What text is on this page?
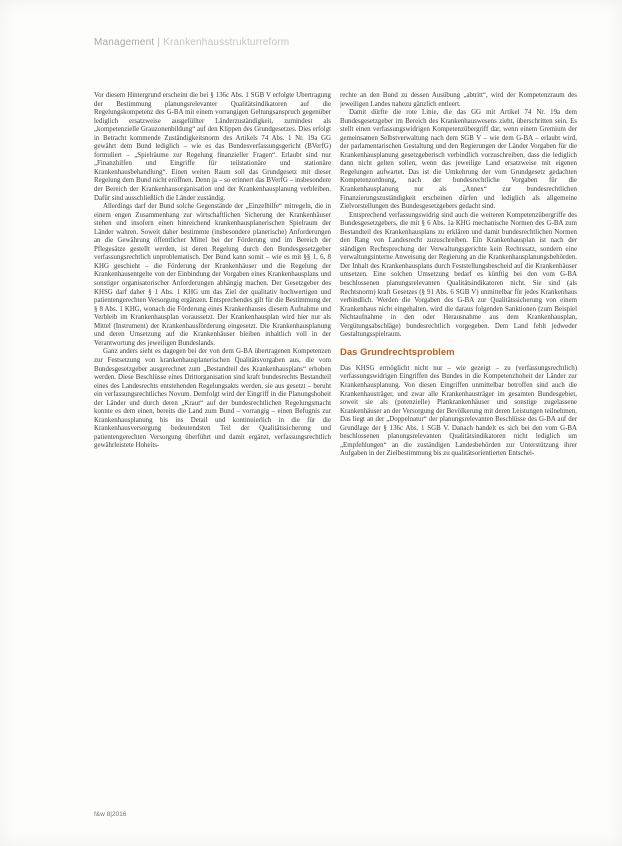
Management | Krankenhausstrukturreform

Vor diesem Hintergrund erscheint die bei § 136c Abs. 1 SGB V erfolgte Übertragung der Bestimmung planungsrelevanter Qualitätsindikatoren auf die Regelungskompetenz des G-BA mit einem vorrangigen Geltungsanspruch gegenüber lediglich ersatzweise ausgefüllter Länderzuständigkeit, zumindest als „kompetenzielle Grauzonenbildung“ auf den Klippen des Grundgesetzes. Dies erfolgt in Betracht kommende Zuständigkeitsnorm des Artikels 74 Abs. 1 Nr. 19a GG gewährt dem Bund lediglich – wie es das Bundesverfassungsgericht (BVerfG) formuliert – „Spielräume zur Regelung finanzieller Fragen“. Erlaubt sind nur „Finanzhilfen und Eingriffe für teilstationäre und stationäre Krankenhausbehandlung“. Einen weiten Raum soll das Grundgesetz mit dieser Regelung dem Bund nicht eröffnen. Denn ja – so erinnert das BVerfG – insbesondere der Bereich der Krankenhausorganisation und der Krankenhausplanung verbleiben. Dafür sind ausschließlich die Länder zuständig.

Allerdings darf der Bund solche Gegenstände der „Einzelhilfe“ mitregeln, die in einem engen Zusammenhang zur wirtschaftlichen Sicherung der Krankenhäuser stehen und insofern einen hinreichend krankenhausplanerischen Spielraum der Länder wahren. Soweit daher bestimmte (insbesondere planerische) Anforderungen an die Gewährung öffentlicher Mittel bei der Förderung und im Bereich der Pflegesätze gestellt werden, ist deren Regelung durch den Bundesgesetzgeber verfassungsrechtlich unproblematisch. Der Bund kann somit – wie es mit §§ 1, 6, 8 KHG geschieht – die Förderung der Krankenhäuser und die Regelung der Krankenhausentgelte von der Einbindung der Vorgaben eines Krankenhausplans und sonstiger organisatorischer Anforderungen abhängig machen. Der Gesetzgeber des KHSG darf daher § 1 Abs. 1 KHG um das Ziel der qualitativ hochwertigen und patientengerechten Versorgung ergänzen. Entsprechendes gilt für die Bestimmung der § 8 Abs. 1 KHG, wonach die Förderung eines Krankenhauses diesem Aufnahme und Verbleib im Krankenhausplan voraussetzt. Der Krankenhausplan wird hier nur als Mittel (Instrument) der Krankenhausförderung eingesetzt. Die Krankenhausplanung und deren Umsetzung auf die Krankenhäuser bleiben inhaltlich voll in der Verantwortung des jeweiligen Bundeslands.

Ganz anders sieht es dagegen bei der von dem G-BA übertragenen Kompetenzen zur Festsetzung von krankenhausplanerischen Qualitätsvorgaben aus, die vom Bundesgesetzgeber ausgerechnet zum „Bestandteil des Krankenhausplans“ erhoben werden. Diese Beschlüsse eines Drittorganisation sind kraft bundesrechts Bestandteil eines des Landesrechts entstehenden Regelungsakts werden, sie aus gesetzt – beruht ein verfassungsrechtliches Novum. Demfolgt wird der Eingriff in die Planungshoheit der Länder und durch deren „Kraut“ auf der bundesrechtlichen Regelungsmacht konnte es dem einen, bereits die Land zum Bund – vorrangig – einen Befugnis zur Krankenhausplanung bis ins Detail und kontinuierlich in die für die Krankenhausversorgung bedeutendsten Teil der Qualitätssicherung und patientengerechten Versorgung überführt und damit ergänzt, verfassungsrechtlich gewährleistete Hoheits-

rechte an den Bund zu dessen Ausübung „abtritt“, wird der Kompetenzraum des jeweiligen Landes nahezu gänzlich entleert.

Damit dürfte die rote Linie, die das GG mit Artikel 74 Nr. 19a dem Bundesgesetzgeber im Bereich des Krankenhauswesens zieht, überschritten sein. Es stellt einen verfassungswidrigen Kompetenzübergriff dar, wenn einem Gremium der gemeinsamen Selbstverwaltung nach dem SGB V – wie dem G-BA – erlaubt wird, der parlamentarischen Gestaltung und den Regierungen der Länder Vorgaben für die Krankenhausplanung gesetzgeberisch verbindlich vorzuschreiben, dass die lediglich dann nicht gelten sollen, wenn das jeweilige Land ersatzweise mit eigenen Regelungen aufwartet. Das ist die Umkehrung der vom Grundgesetz gedachten Kompetenzordnung, nach der bundesrechtliche Vorgaben für die Krankenhausplanung nur als „Annex“ zur bundesrechtlichen Finanzierungszuständigkeit erscheinen dürfen und lediglich als allgemeine Zielvorstellungen des Bundesgesetzgebers gedacht sind.

Entsprechend verfassungswidrig sind auch die weiteren Kompetenzübergriffe des Bundesgesetzgebers, die mit § 6 Abs. 1a KHG mechanische Normen des G-BA zum Bestandteil des Krankenhausplans zu erklären und damit bundesrechtlichen Normen den Rang von Landesrecht zuzuschreiben. Ein Krankenhausplan ist nach der ständigen Rechtsprechung der Verwaltungsgerichte kein Rechtssatz, sondern eine verwaltungsinterne Anweisung der Regierung an die Krankenhausplanungsbehörden. Der Inhalt des Krankenhausplans durch Feststellungsbescheid auf die Krankenhäuser umsetzen. Eine solchen Umsetzung bedarf es künftig bei den vom G-BA beschlossenen planungsrelevanten Qualitätsindikatoren nicht. Sie sind (als Rechtsnorm) kraft Gesetzes (§ 91 Abs. 6 SGB V) unmittelbar für jedes Krankenhaus verbindlich. Werden die Vorgaben des G-BA zur Qualitätssicherung von einem Krankenhaus nicht eingehalten, wird die daraus folgenden Sanktionen (zum Beispiel Nichtaufnahme in den oder Herausnahme aus dem Krankenhausplan, Vergütungsabschläge) bundesrechtlich vorgegeben. Dem Land fehlt jedweder Gestaltungsspielraum.

Das Grundrechtsproblem

Das KHSG ermöglicht nicht nur – wie gezeigt – zu (verfassungsrechtlich) verfassungswidrigen Eingriffen des Bundes in die Kompetenzhoheit der Länder zur Krankenhausplanung. Von diesen Eingriffen unmittelbar betroffen sind auch die Krankenhausträger, und zwar alle Krankenhausträger im gesamten Bundesgebiet, soweit sie als (potenzielle) Plankrankenhäuser und sonstige zugelassene Krankenhäuser an der Versorgung der Bevölkerung mit deren Leistungen teilnehmen. Das liegt an der „Doppelnatur“ der planungsrelevanten Beschlüsse des G-BA auf der Grundlage der § 136c Abs. 1 SGB V. Danach handelt es sich bei den vom G-BA beschlossenen planungsrelevanten Qualitätsindikatoren nicht lediglich um „Empfehlungen“ an die zuständigen Landesbehörden zur Unterstützung ihrer Aufgaben in der Zielbestimmung bis zu qualitätsorientierten Entschei-

f&w 8|2016
